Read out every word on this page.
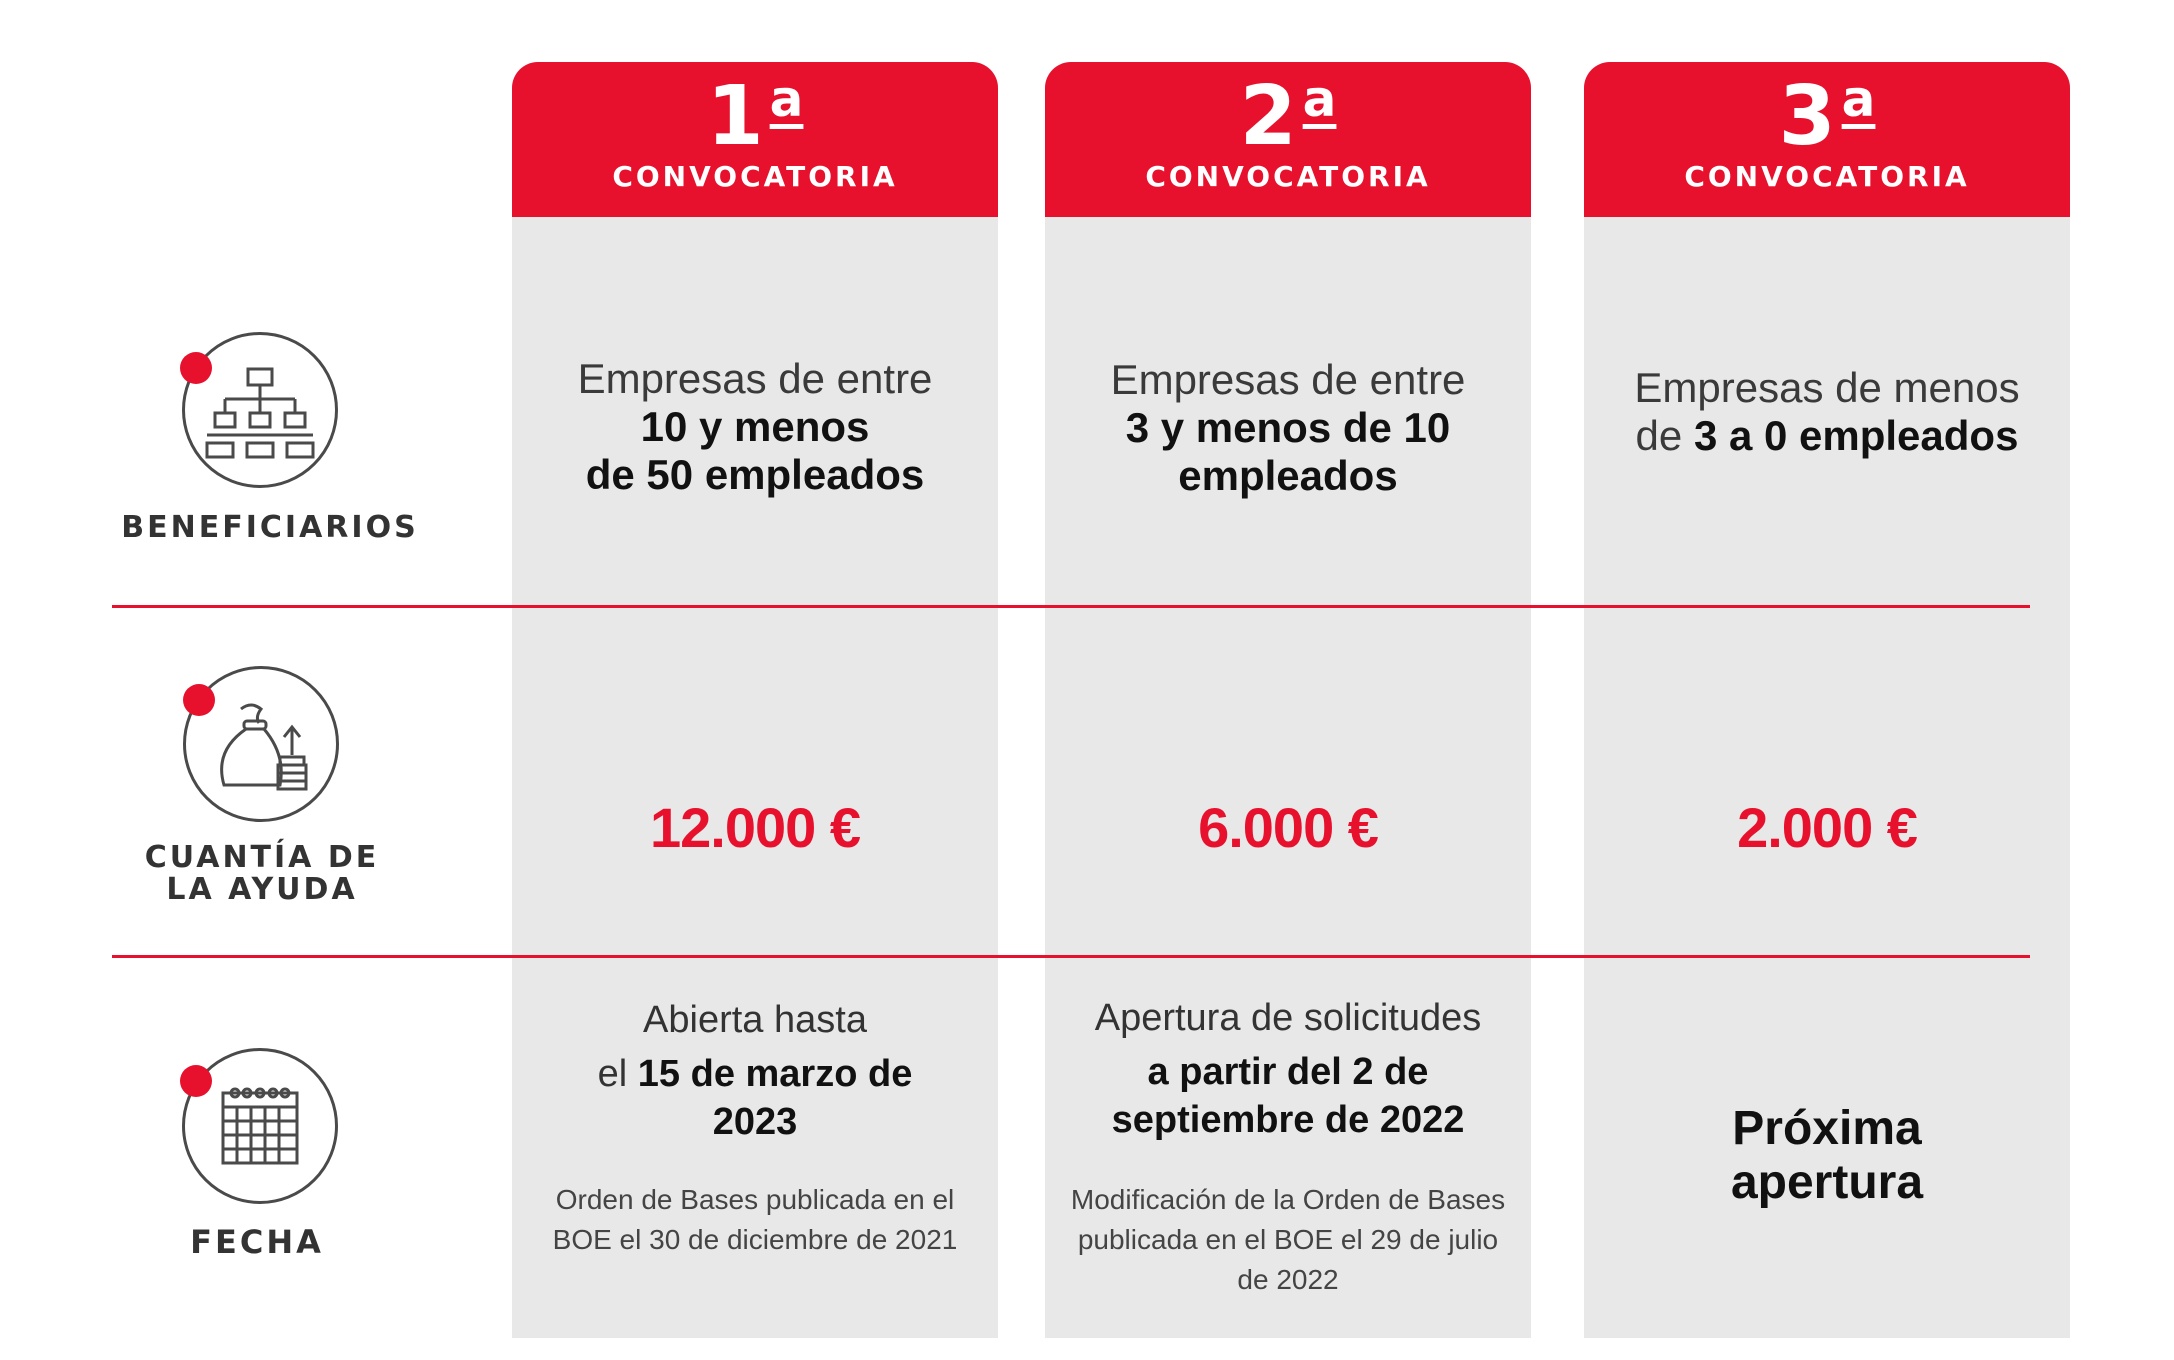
1 $^a$
CONVOCATORIA
Empresas de entre
10 y menos
de 50 empleados
12.000 €
Abierta hasta
el 15 de marzo de
2023
Orden de Bases publicada en el
BOE el 30 de diciembre de 2021
2 $^a$
CONVOCATORIA
Empresas de entre
3 y menos de 10
empleados
6.000 €
Apertura de solicitudes
a partir del 2 de
septiembre de 2022
Modificación de la Orden de Bases
publicada en el BOE el 29 de julio
de 2022
3 $^a$
CONVOCATORIA
Empresas de menos
de 3 a 0 empleados
2.000 €
Próxima
apertura
BENEFICIARIOS
CUANTÍA DE
LA AYUDA
FECHA
